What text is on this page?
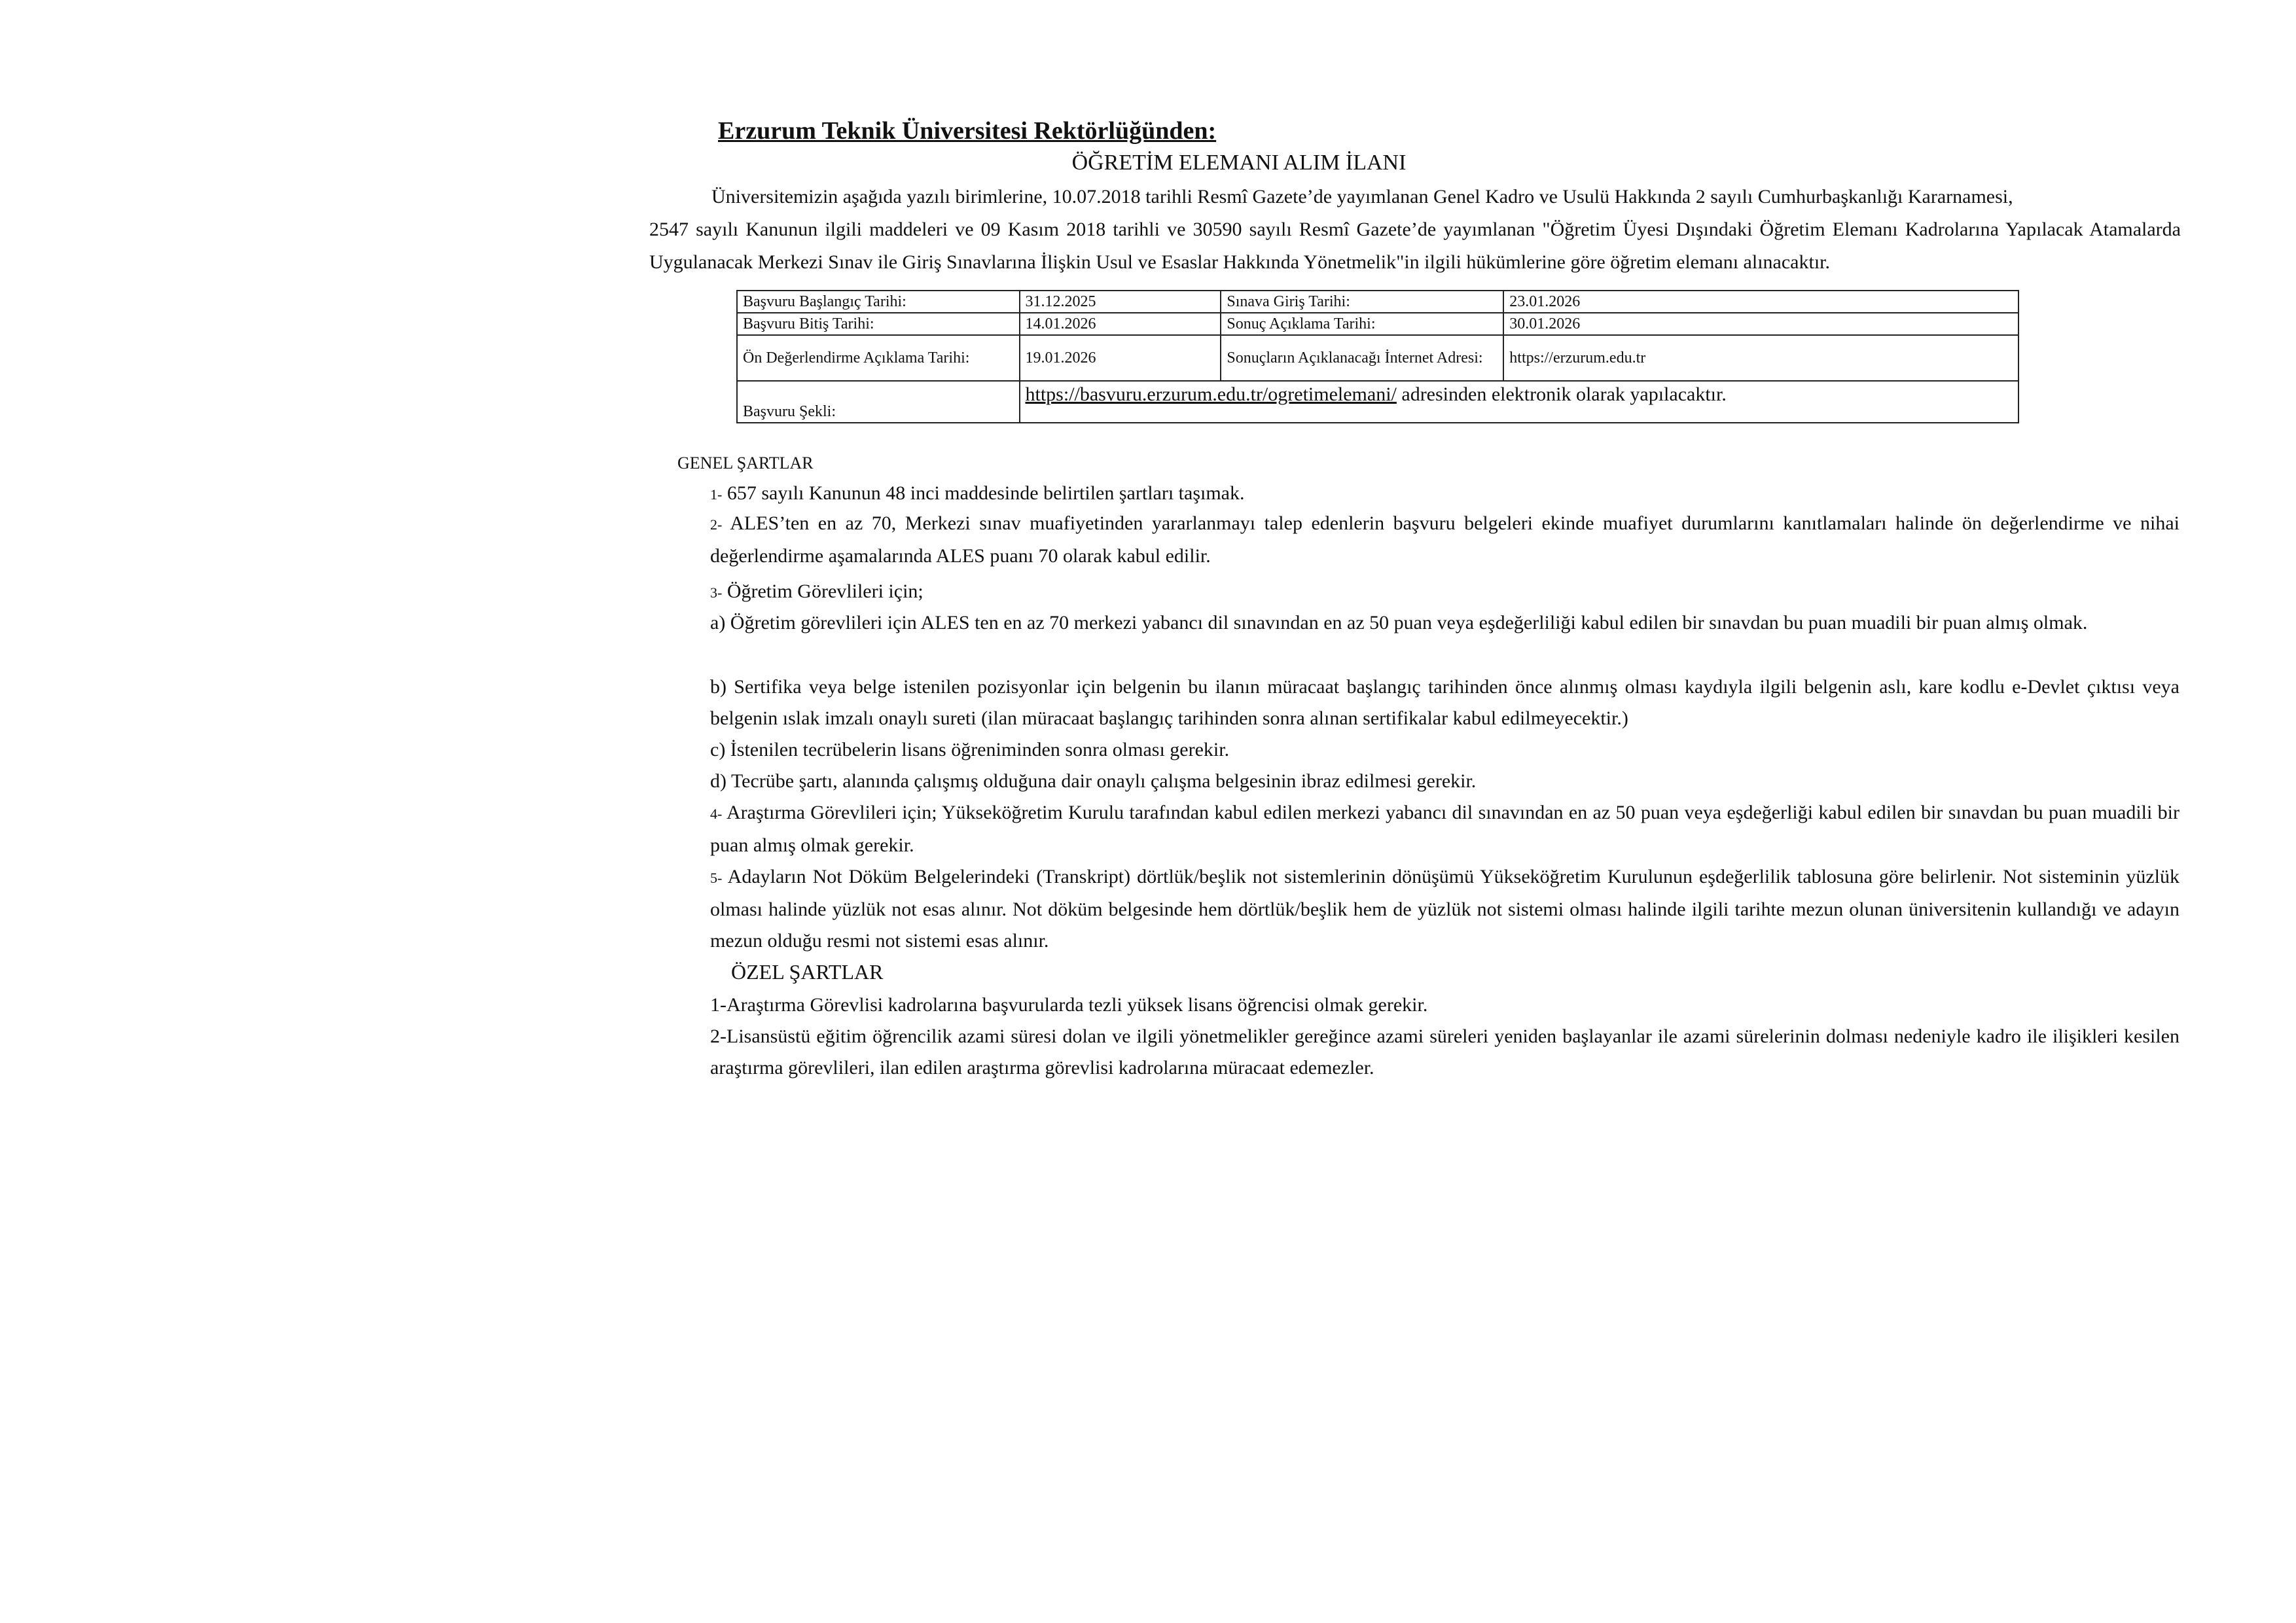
Erzurum Teknik Üniversitesi Rektörlüğünden:
ÖĞRETİM ELEMANI ALIM İLANI
Üniversitemizin aşağıda yazılı birimlerine, 10.07.2018 tarihli Resmî Gazete’de yayımlanan Genel Kadro ve Usulü Hakkında 2 sayılı Cumhurbaşkanlığı Kararnamesi,
2547 sayılı Kanunun ilgili maddeleri ve 09 Kasım 2018 tarihli ve 30590 sayılı Resmî Gazete’de yayımlanan "Öğretim Üyesi Dışındaki Öğretim Elemanı Kadrolarına Yapılacak Atamalarda Uygulanacak Merkezi Sınav ile Giriş Sınavlarına İlişkin Usul ve Esaslar Hakkında Yönetmelik"in ilgili hükümlerine göre öğretim elemanı alınacaktır.
Başvuru Başlangıç Tarihi:	31.12.2025	Sınava Giriş Tarihi:	23.01.2026
Başvuru Bitiş Tarihi:	14.01.2026	Sonuç Açıklama Tarihi:	30.01.2026
Ön Değerlendirme Açıklama Tarihi:	19.01.2026	Sonuçların Açıklanacağı İnternet Adresi:	https://erzurum.edu.tr
Başvuru Şekli:	https://basvuru.erzurum.edu.tr/ogretimelemani/ adresinden elektronik olarak yapılacaktır.		
GENEL ŞARTLAR
1- 657 sayılı Kanunun 48 inci maddesinde belirtilen şartları taşımak.
2- ALES’ten en az 70, Merkezi sınav muafiyetinden yararlanmayı talep edenlerin başvuru belgeleri ekinde muafiyet durumlarını kanıtlamaları halinde ön değerlendirme ve nihai değerlendirme aşamalarında ALES puanı 70 olarak kabul edilir.
3- Öğretim Görevlileri için;
a) Öğretim görevlileri için ALES ten en az 70 merkezi yabancı dil sınavından en az 50 puan veya eşdeğerliliği kabul edilen bir sınavdan bu puan muadili bir puan almış olmak.
b) Sertifika veya belge istenilen pozisyonlar için belgenin bu ilanın müracaat başlangıç tarihinden önce alınmış olması kaydıyla ilgili belgenin aslı, kare kodlu e-Devlet çıktısı veya belgenin ıslak imzalı onaylı sureti (ilan müracaat başlangıç tarihinden sonra alınan sertifikalar kabul edilmeyecektir.)
c) İstenilen tecrübelerin lisans öğreniminden sonra olması gerekir.
d) Tecrübe şartı, alanında çalışmış olduğuna dair onaylı çalışma belgesinin ibraz edilmesi gerekir.
4- Araştırma Görevlileri için; Yükseköğretim Kurulu tarafından kabul edilen merkezi yabancı dil sınavından en az 50 puan veya eşdeğerliği kabul edilen bir sınavdan bu puan muadili bir puan almış olmak gerekir.
5- Adayların Not Döküm Belgelerindeki (Transkript) dörtlük/beşlik not sistemlerinin dönüşümü Yükseköğretim Kurulunun eşdeğerlilik tablosuna göre belirlenir. Not sisteminin yüzlük olması halinde yüzlük not esas alınır. Not döküm belgesinde hem dörtlük/beşlik hem de yüzlük not sistemi olması halinde ilgili tarihte mezun olunan üniversitenin kullandığı ve adayın mezun olduğu resmi not sistemi esas alınır.
ÖZEL ŞARTLAR
1-Araştırma Görevlisi kadrolarına başvurularda tezli yüksek lisans öğrencisi olmak gerekir.
2-Lisansüstü eğitim öğrencilik azami süresi dolan ve ilgili yönetmelikler gereğince azami süreleri yeniden başlayanlar ile azami sürelerinin dolması nedeniyle kadro ile ilişikleri kesilen araştırma görevlileri, ilan edilen araştırma görevlisi kadrolarına müracaat edemezler.
